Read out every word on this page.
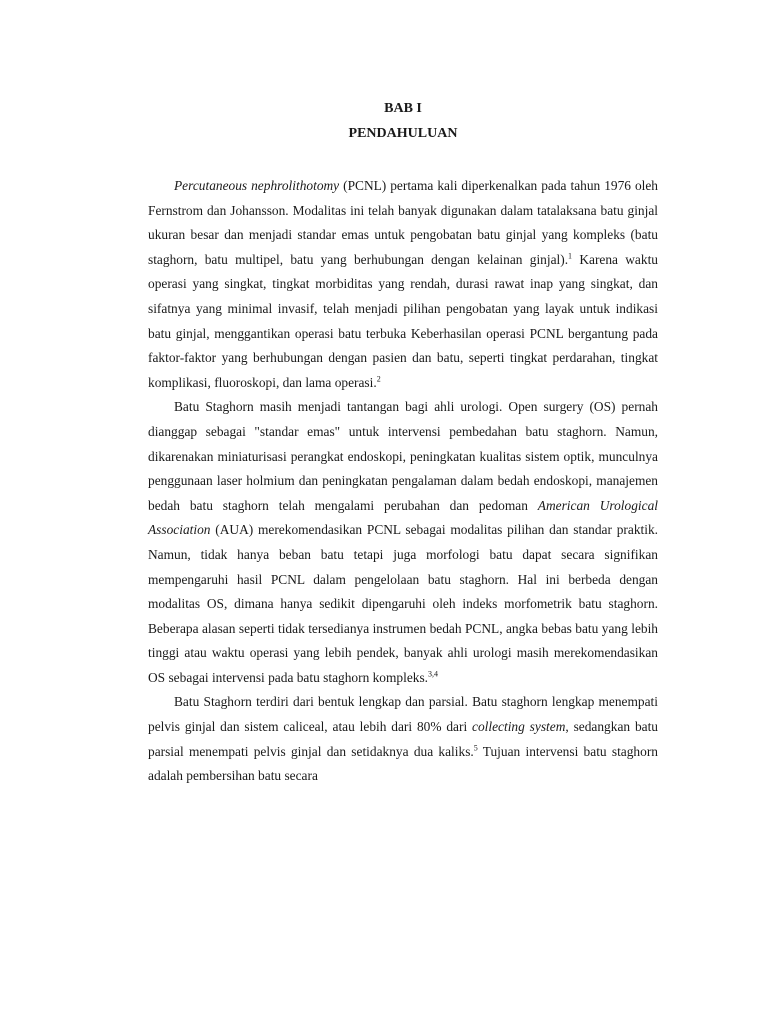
BAB I

PENDAHULUAN

Percutaneous nephrolithotomy (PCNL) pertama kali diperkenalkan pada tahun 1976 oleh Fernstrom dan Johansson. Modalitas ini telah banyak digunakan dalam tatalaksana batu ginjal ukuran besar dan menjadi standar emas untuk pengobatan batu ginjal yang kompleks (batu staghorn, batu multipel, batu yang berhubungan dengan kelainan ginjal).$^1$ Karena waktu operasi yang singkat, tingkat morbiditas yang rendah, durasi rawat inap yang singkat, dan sifatnya yang minimal invasif, telah menjadi pilihan pengobatan yang layak untuk indikasi batu ginjal, menggantikan operasi batu terbuka Keberhasilan operasi PCNL bergantung pada faktor-faktor yang berhubungan dengan pasien dan batu, seperti tingkat perdarahan, tingkat komplikasi, fluoroskopi, dan lama operasi.$^2$

Batu Staghorn masih menjadi tantangan bagi ahli urologi. Open surgery (OS) pernah dianggap sebagai "standar emas" untuk intervensi pembedahan batu staghorn. Namun, dikarenakan miniaturisasi perangkat endoskopi, peningkatan kualitas sistem optik, munculnya penggunaan laser holmium dan peningkatan pengalaman dalam bedah endoskopi, manajemen bedah batu staghorn telah mengalami perubahan dan pedoman American Urological Association (AUA) merekomendasikan PCNL sebagai modalitas pilihan dan standar praktik. Namun, tidak hanya beban batu tetapi juga morfologi batu dapat secara signifikan mempengaruhi hasil PCNL dalam pengelolaan batu staghorn. Hal ini berbeda dengan modalitas OS, dimana hanya sedikit dipengaruhi oleh indeks morfometrik batu staghorn. Beberapa alasan seperti tidak tersedianya instrumen bedah PCNL, angka bebas batu yang lebih tinggi atau waktu operasi yang lebih pendek, banyak ahli urologi masih merekomendasikan OS sebagai intervensi pada batu staghorn kompleks.$^{3,4}$

Batu Staghorn terdiri dari bentuk lengkap dan parsial. Batu staghorn lengkap menempati pelvis ginjal dan sistem caliceal, atau lebih dari 80% dari collecting system, sedangkan batu parsial menempati pelvis ginjal dan setidaknya dua kaliks.$^5$ Tujuan intervensi batu staghorn adalah pembersihan batu secara
